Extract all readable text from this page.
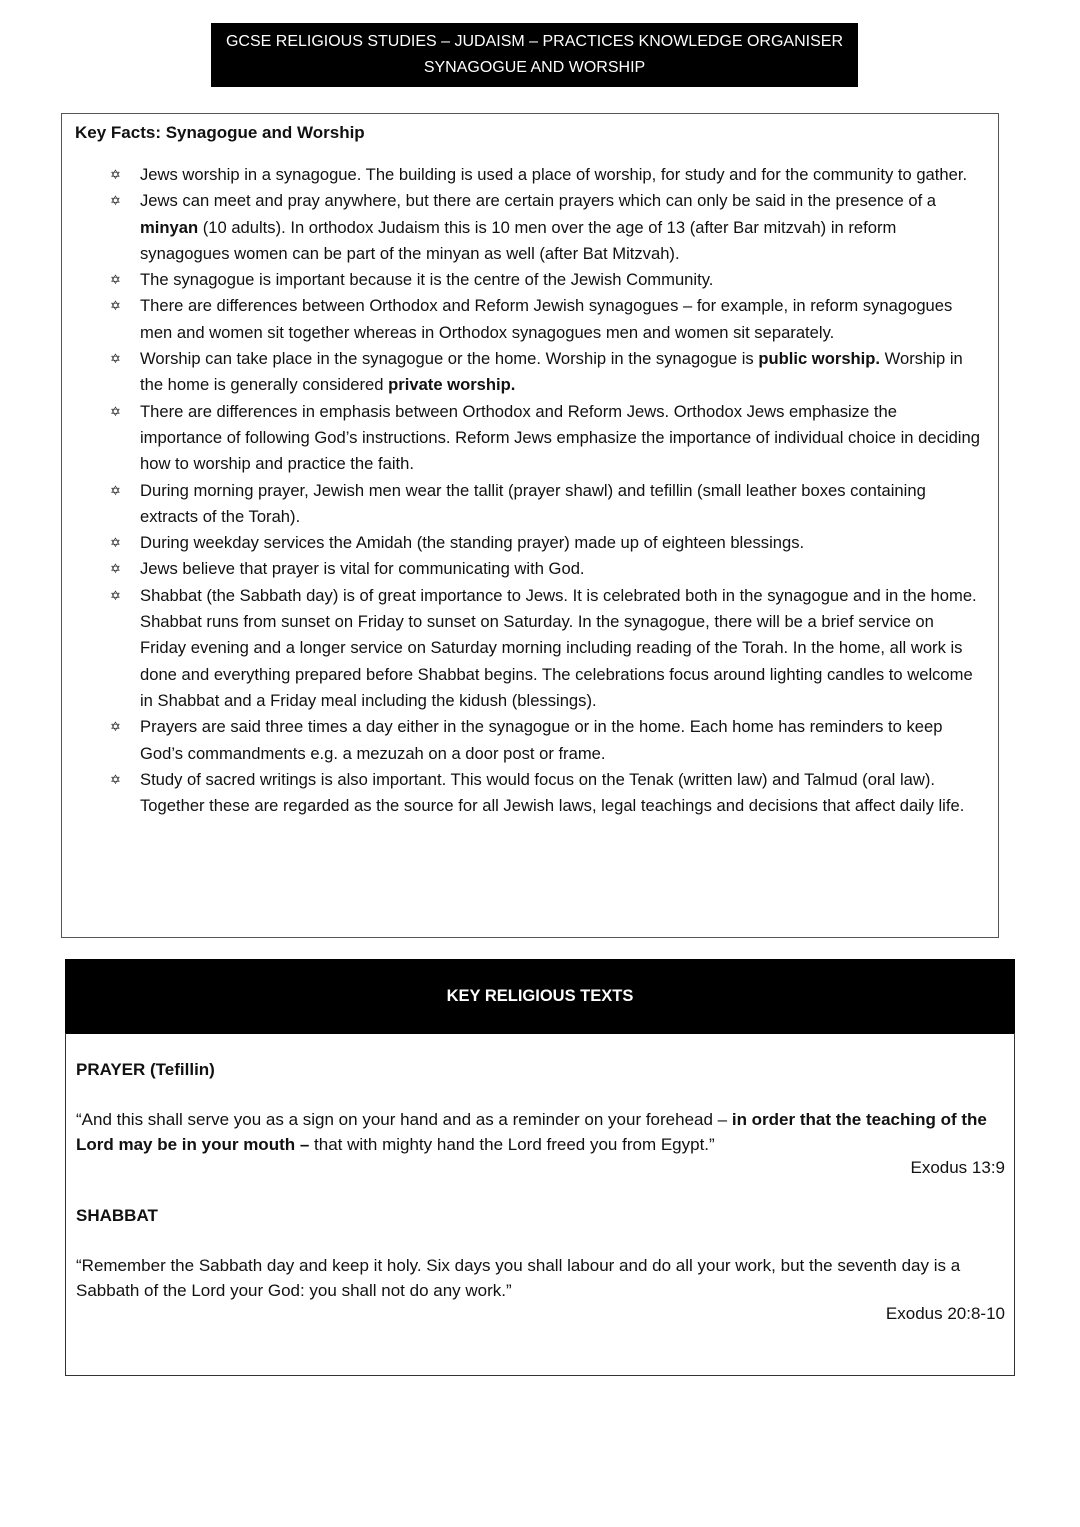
GCSE RELIGIOUS STUDIES – JUDAISM – PRACTICES KNOWLEDGE ORGANISER
SYNAGOGUE AND WORSHIP
Key Facts: Synagogue and Worship
✡ Jews worship in a synagogue. The building is used a place of worship, for study and for the community to gather.
✡ Jews can meet and pray anywhere, but there are certain prayers which can only be said in the presence of a minyan (10 adults). In orthodox Judaism this is 10 men over the age of 13 (after Bar mitzvah) in reform synagogues women can be part of the minyan as well (after Bat Mitzvah).
✡ The synagogue is important because it is the centre of the Jewish Community.
✡ There are differences between Orthodox and Reform Jewish synagogues – for example, in reform synagogues men and women sit together whereas in Orthodox synagogues men and women sit separately.
✡ Worship can take place in the synagogue or the home. Worship in the synagogue is public worship. Worship in the home is generally considered private worship.
✡ There are differences in emphasis between Orthodox and Reform Jews. Orthodox Jews emphasize the importance of following God’s instructions. Reform Jews emphasize the importance of individual choice in deciding how to worship and practice the faith.
✡ During morning prayer, Jewish men wear the tallit (prayer shawl) and tefillin (small leather boxes containing extracts of the Torah).
✡ During weekday services the Amidah (the standing prayer) made up of eighteen blessings.
✡ Jews believe that prayer is vital for communicating with God.
✡ Shabbat (the Sabbath day) is of great importance to Jews. It is celebrated both in the synagogue and in the home. Shabbat runs from sunset on Friday to sunset on Saturday. In the synagogue, there will be a brief service on Friday evening and a longer service on Saturday morning including reading of the Torah. In the home, all work is done and everything prepared before Shabbat begins. The celebrations focus around lighting candles to welcome in Shabbat and a Friday meal including the kidush (blessings).
✡ Prayers are said three times a day either in the synagogue or in the home. Each home has reminders to keep God’s commandments e.g. a mezuzah on a door post or frame.
✡ Study of sacred writings is also important. This would focus on the Tenak (written law) and Talmud (oral law). Together these are regarded as the source for all Jewish laws, legal teachings and decisions that affect daily life.
KEY RELIGIOUS TEXTS
PRAYER (Tefillin)
“And this shall serve you as a sign on your hand and as a reminder on your forehead – in order that the teaching of the Lord may be in your mouth – that with mighty hand the Lord freed you from Egypt.”
Exodus 13:9
SHABBAT
“Remember the Sabbath day and keep it holy. Six days you shall labour and do all your work, but the seventh day is a Sabbath of the Lord your God: you shall not do any work.”
Exodus 20:8-10
